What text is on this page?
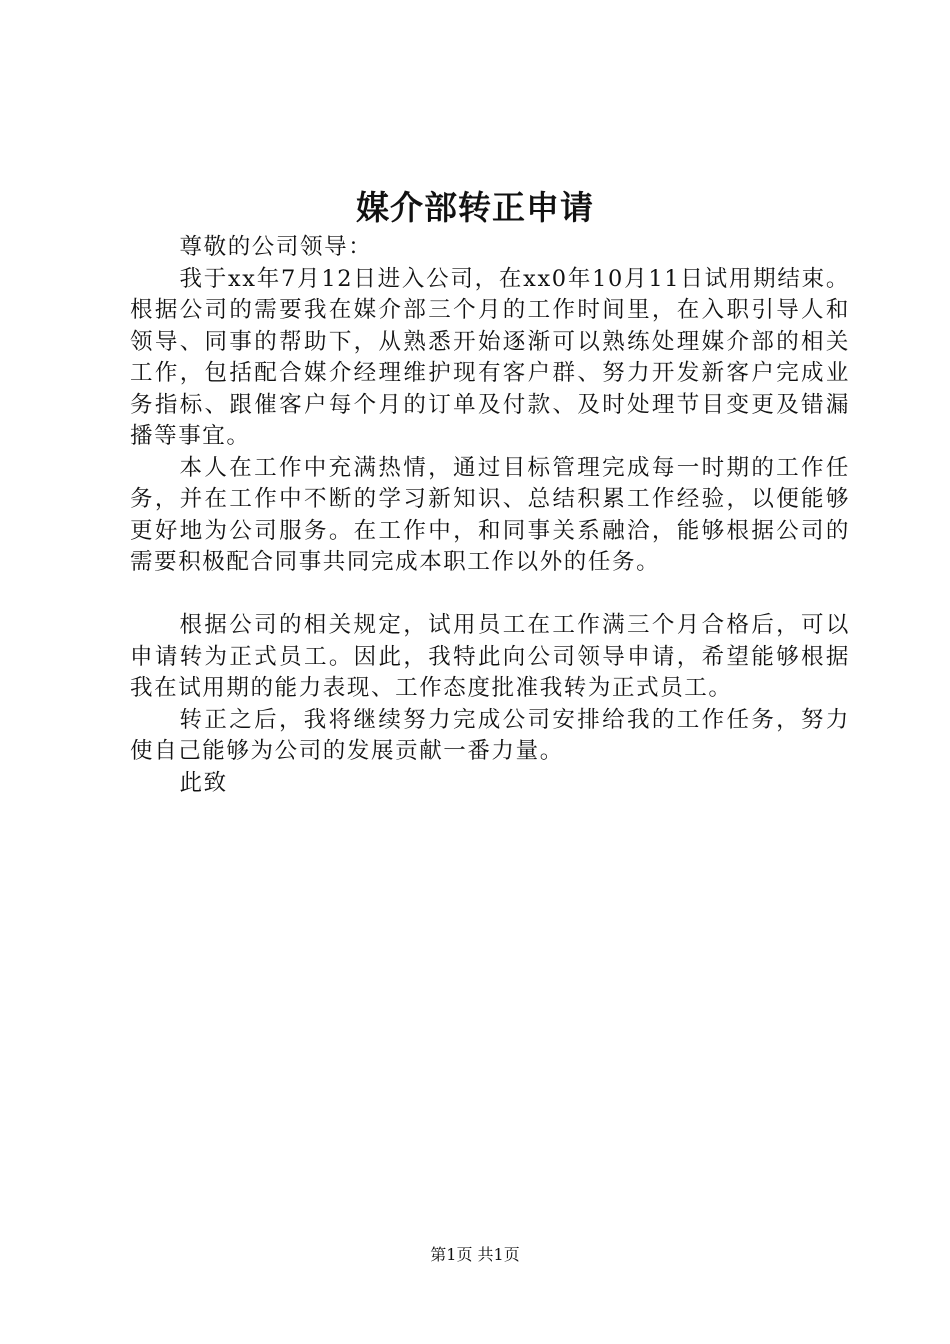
媒介部转正申请

尊敬的公司领导：

我于xx年7月12日进入公司，在xx0年10月11日试用期结束。根据公司的需要我在媒介部三个月的工作时间里，在入职引导人和领导、同事的帮助下，从熟悉开始逐渐可以熟练处理媒介部的相关工作，包括配合媒介经理维护现有客户群、努力开发新客户完成业务指标、跟催客户每个月的订单及付款、及时处理节目变更及错漏播等事宜。

本人在工作中充满热情，通过目标管理完成每一时期的工作任务，并在工作中不断的学习新知识、总结积累工作经验，以便能够更好地为公司服务。在工作中，和同事关系融洽，能够根据公司的需要积极配合同事共同完成本职工作以外的任务。

根据公司的相关规定，试用员工在工作满三个月合格后，可以申请转为正式员工。因此，我特此向公司领导申请，希望能够根据我在试用期的能力表现、工作态度批准我转为正式员工。

转正之后，我将继续努力完成公司安排给我的工作任务，努力使自己能够为公司的发展贡献一番力量。

此致

第1页 共1页
